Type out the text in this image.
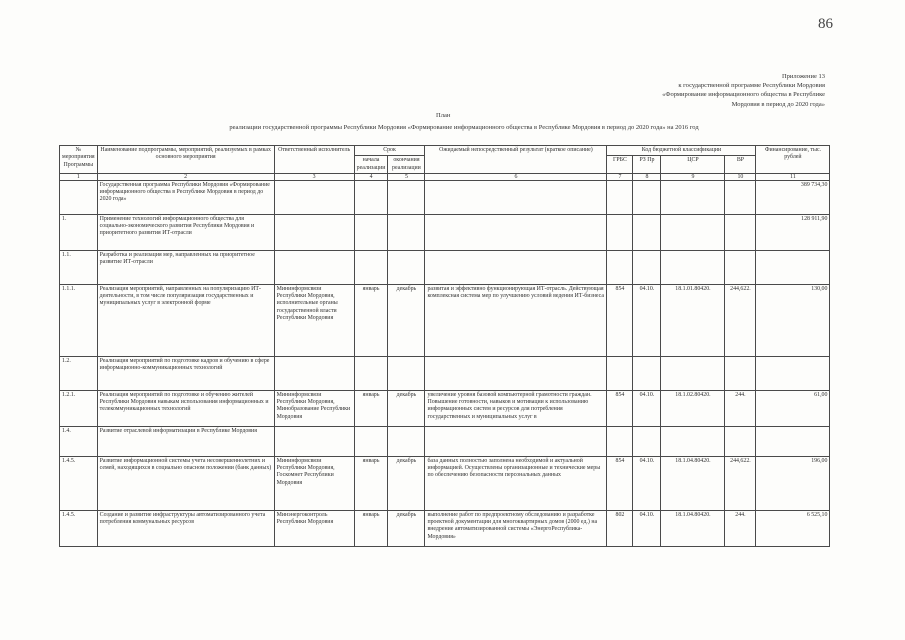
86
Приложение 13
к государственной программе Республики Мордовия
«Формирование информационного общества в Республике
Мордовия в период до 2020 года»
План
реализации государственной программы Республики Мордовия «Формирование информационного общества в Республике Мордовия в период до 2020 года» на 2016 год
№ мероприятия Программы	Наименование подпрограммы, мероприятий, реализуемых в рамках основного мероприятия	Ответственный исполнитель	Срок		Ожидаемый непосредственный результат (краткое описание)	Код бюджетной классификации				Финансирование, тыс. рублей
			начала реализации	окончания реализации		ГРБС	РЗ Пр	ЦСР	ВР	

1	2	3	4	5	6	7	8	9	10	11
	Государственная программа Республики Мордовия «Формирование информационного общества в Республике Мордовия в период до 2020 года»									389 734,30
1.	Применение технологий информационного общества для социально-экономического развития Республики Мордовия и приоритетного развития ИТ-отрасли									128 911,90
1.1.	Разработка и реализация мер, направленных на приоритетное развитие ИТ-отрасли									
1.1.1.	Реализация мероприятий, направленных на популяризацию ИТ-деятельности, в том числе популяризация государственных и муниципальных услуг в электронной форме	Мининформсвязи Республики Мордовия, исполнительные органы государственной власти Республики Мордовия	январь	декабрь	развитая и эффективно функционирующая ИТ-отрасль. Действующая комплексная система мер по улучшению условий ведения ИТ-бизнеса	854	04.10.	18.1.01.80420.	244,622.	130,00
1.2.	Реализация мероприятий по подготовке кадров и обучению в сфере информационно-коммуникационных технологий									
1.2.1.	Реализация мероприятий по подготовке и обучению жителей Республики Мордовия навыкам использования информационных и телекоммуникационных технологий	Мининформсвязи Республики Мордовия, Минобразование Республики Мордовия	январь	декабрь	увеличение уровня базовой компьютерной грамотности граждан. Повышение готовности, навыков и мотивации к использованию информационных систем и ресурсов для потребления государственных и муниципальных услуг в	854	04.10.	18.1.02.80420.	244.	61,00
1.4.	Развитие отраслевой информатизации в Республике Мордовия									
1.4.5.	Развитие информационной системы учета несовершеннолетних и семей, находящихся в социально опасном положении (банк данных)	Мининформсвязи Республики Мордовия, Госкомнет Республики Мордовия	январь	декабрь	база данных полностью заполнена необходимой и актуальной информацией. Осуществлены организационные и технические меры по обеспечению безопасности персональных данных	854	04.10.	18.1.04.80420.	244,622.	196,00
1.4.5.	Создание и развитие инфраструктуры автоматизированного учета потребления коммунальных ресурсов	Минэнергоконтроль Республики Мордовия	январь	декабрь	выполнение работ по предпроектному обследованию и разработке проектной документации для многоквартирных домов (2000 ед.) на внедрение автоматизированной системы «ЭнергоРеспублика-Мордовия»	802	04.10.	18.1.04.80420.	244.	6 525,10
